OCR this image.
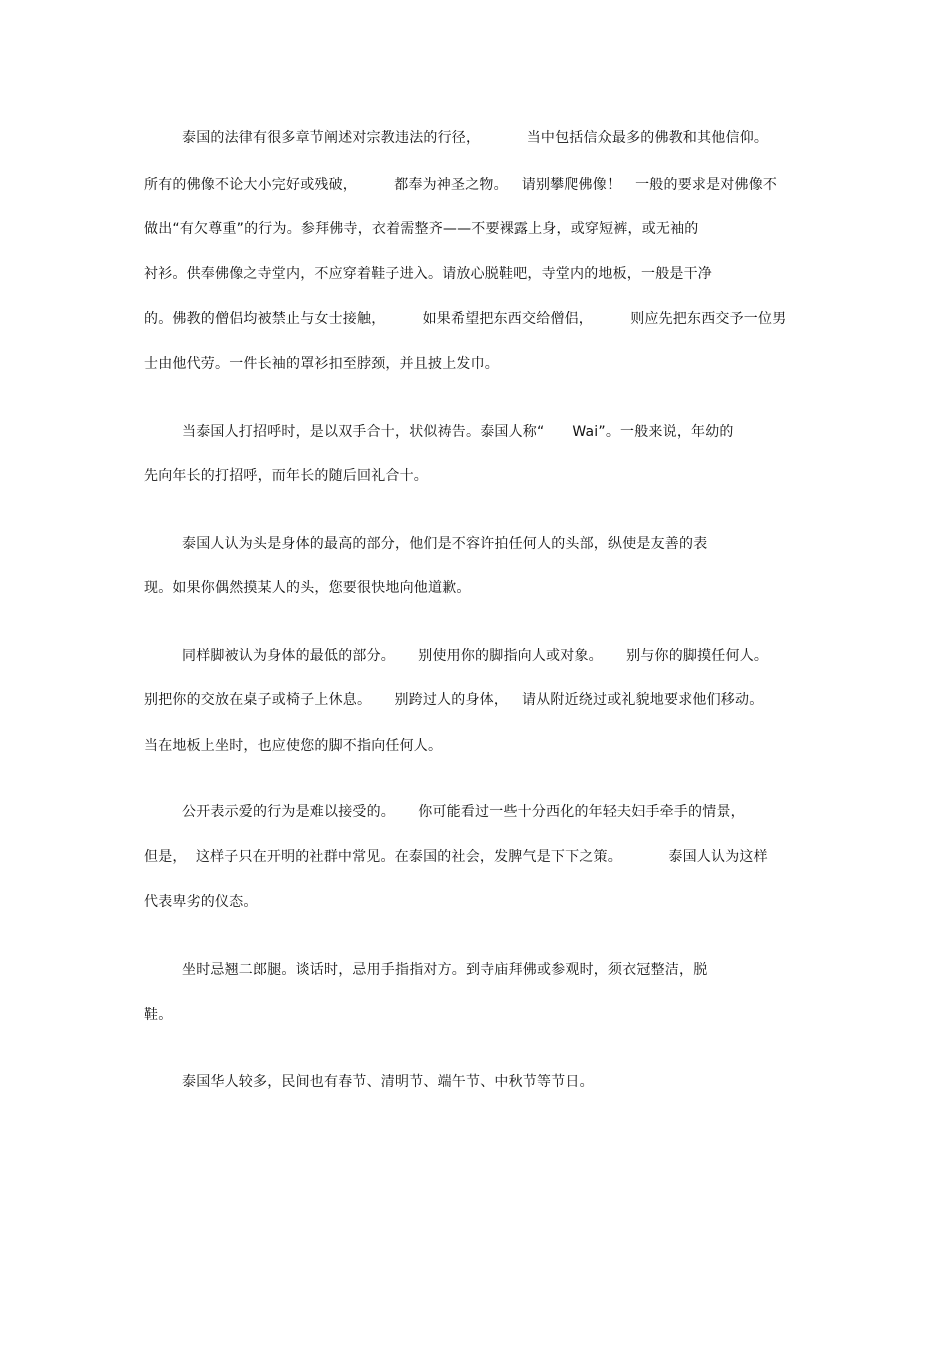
泰国的法律有很多章节阐述对宗教违法的行径，          当中包括信众最多的佛教和其他信仰。
所有的佛像不论大小完好或残破，        都奉为神圣之物。   请别攀爬佛像！   一般的要求是对佛像不
做出“有欠尊重”的行为。参拜佛寺，衣着需整齐——不要裸露上身，或穿短裤，或无袖的
衬衫。供奉佛像之寺堂内，不应穿着鞋子进入。请放心脱鞋吧，寺堂内的地板，一般是干净
的。佛教的僧侣均被禁止与女士接触，        如果希望把东西交给僧侣，        则应先把东西交予一位男
士由他代劳。一件长袖的罩衫扣至脖颈，并且披上发巾。
当泰国人打招呼时，是以双手合十，状似祷告。泰国人称“      Wai”。一般来说，年幼的
先向年长的打招呼，而年长的随后回礼合十。
泰国人认为头是身体的最高的部分，他们是不容许拍任何人的头部，纵使是友善的表
现。如果你偶然摸某人的头，您要很快地向他道歉。
同样脚被认为身体的最低的部分。     别使用你的脚指向人或对象。     别与你的脚摸任何人。
别把你的交放在桌子或椅子上休息。     别跨过人的身体，   请从附近绕过或礼貌地要求他们移动。
当在地板上坐时，也应使您的脚不指向任何人。
公开表示爱的行为是难以接受的。     你可能看过一些十分西化的年轻夫妇手牵手的情景，
但是，  这样子只在开明的社群中常见。在泰国的社会，发脾气是下下之策。          泰国人认为这样
代表卑劣的仪态。
坐时忌翘二郎腿。谈话时，忌用手指指对方。到寺庙拜佛或参观时，须衣冠整洁，脱
鞋。
泰国华人较多，民间也有春节、清明节、端午节、中秋节等节日。
